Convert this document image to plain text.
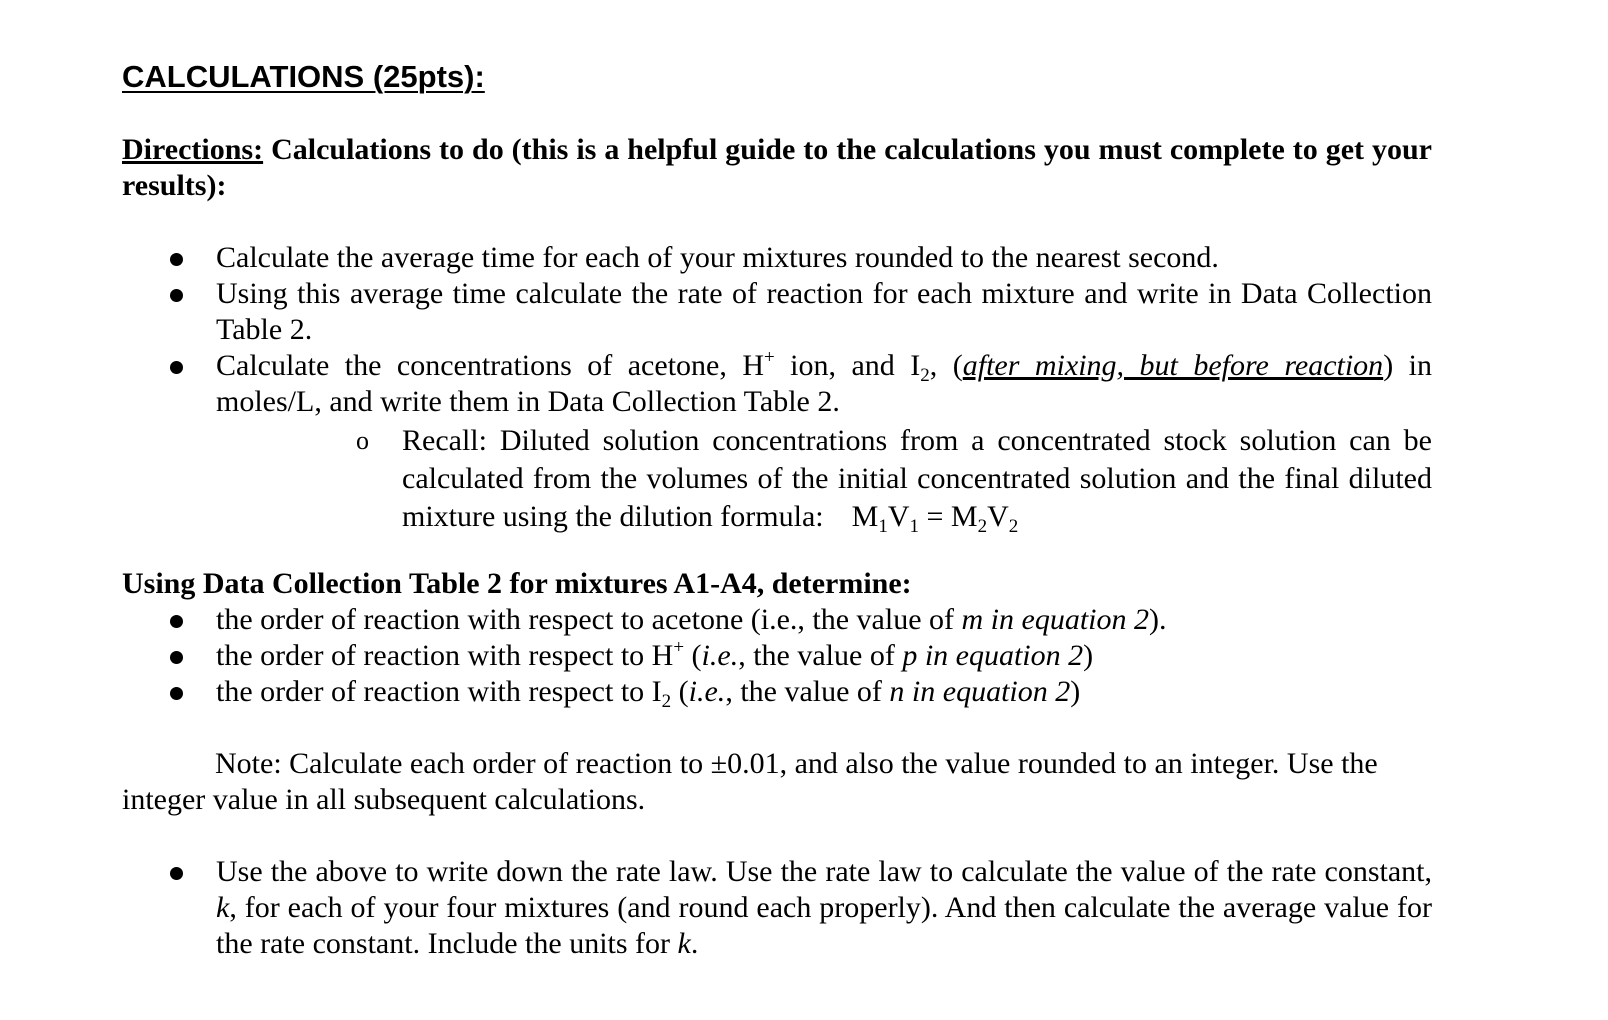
CALCULATIONS (25pts):
Directions: Calculations to do (this is a helpful guide to the calculations you must complete to get your results):
Calculate the average time for each of your mixtures rounded to the nearest second.
Using this average time calculate the rate of reaction for each mixture and write in Data Collection Table 2.
Calculate the concentrations of acetone, H+ ion, and $I_2$, (after mixing, but before reaction) in moles/L, and write them in Data Collection Table 2.
o Recall: Diluted solution concentrations from a concentrated stock solution can be calculated from the volumes of the initial concentrated solution and the final diluted mixture using the dilution formula: $M_1V_1 = M_2V_2$
Using Data Collection Table 2 for mixtures A1-A4, determine:
the order of reaction with respect to acetone (i.e., the value of m in equation 2).
the order of reaction with respect to H+ (i.e., the value of p in equation 2)
the order of reaction with respect to $I_2$ (i.e., the value of n in equation 2)
Note: Calculate each order of reaction to ±0.01, and also the value rounded to an integer. Use the integer value in all subsequent calculations.
Use the above to write down the rate law. Use the rate law to calculate the value of the rate constant, k, for each of your four mixtures (and round each properly). And then calculate the average value for the rate constant. Include the units for k.
